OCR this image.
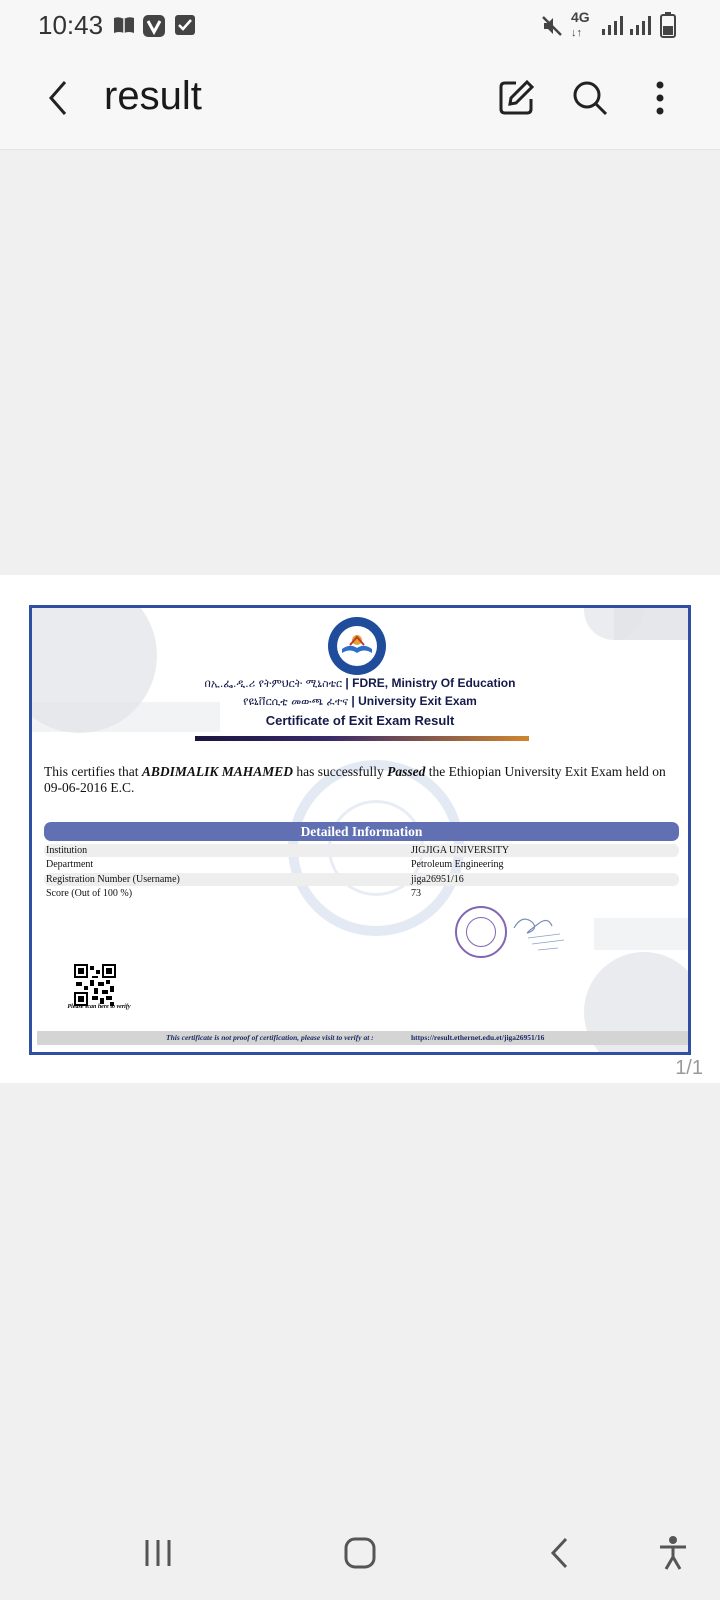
10:43	4G
↓↑
result
በኢ.ፌ.ዲ.ሪ የትምህርት ሚኒስቴር | FDRE, Ministry Of Education
የዩኒቨርሲቲ መውጫ ፈተና | University Exit Exam
Certificate of Exit Exam Result
This certifies that ABDIMALIK MAHAMED has successfully Passed the Ethiopian University Exit Exam held on 09-06-2016 E.C.
Detailed Information
Institution	JIGJIGA UNIVERSITY
Department	Petroleum Engineering
Registration Number (Username)	jiga26951/16
Score (Out of 100 %)	73
Please scan here to verify
This certificate is not proof of certification, please visit to verify at :	https://result.ethernet.edu.et/jiga26951/16
1/1
